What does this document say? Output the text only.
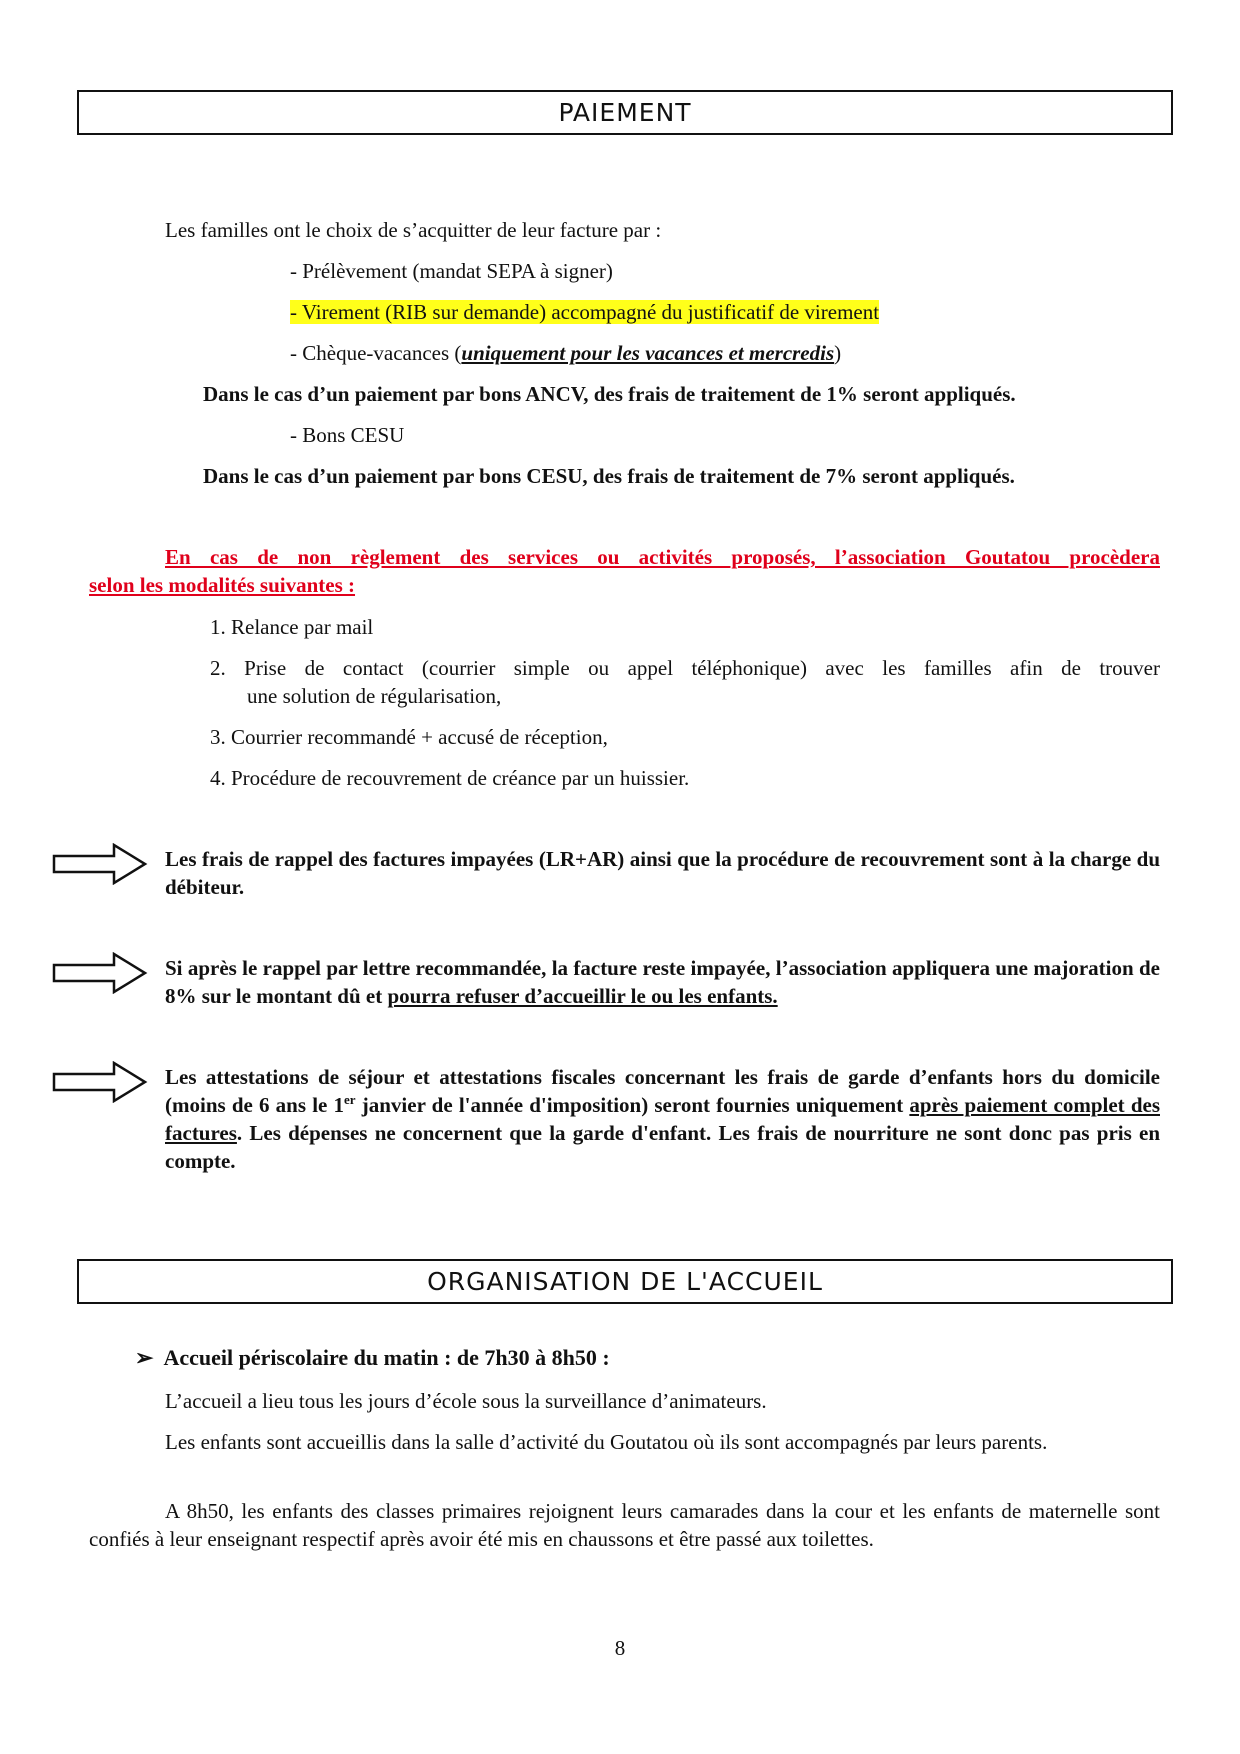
PAIEMENT
Les familles ont le choix de s’acquitter de leur facture par :
- Prélèvement (mandat SEPA à signer)
- Virement (RIB sur demande) accompagné du justificatif de virement
- Chèque-vacances (uniquement pour les vacances et mercredis)
Dans le cas d’un paiement par bons ANCV, des frais de traitement de 1% seront appliqués.
- Bons CESU
Dans le cas d’un paiement par bons CESU, des frais de traitement de 7% seront appliqués.
En cas de non règlement des services ou activités proposés, l’association Goutatou procèdera
selon les modalités suivantes :
1. Relance par mail
2. Prise de contact (courrier simple ou appel téléphonique) avec les familles afin de trouver
une solution de régularisation,
3. Courrier recommandé + accusé de réception,
4. Procédure de recouvrement de créance par un huissier.
Les frais de rappel des factures impayées (LR+AR) ainsi que la procédure de recouvrement sont à la charge du débiteur.
Si après le rappel par lettre recommandée, la facture reste impayée, l’association appliquera une majoration de 8% sur le montant dû et pourra refuser d’accueillir le ou les enfants.
Les attestations de séjour et attestations fiscales concernant les frais de garde d’enfants hors du domicile (moins de 6 ans le 1er janvier de l'année d'imposition) seront fournies uniquement après paiement complet des factures. Les dépenses ne concernent que la garde d'enfant. Les frais de nourriture ne sont donc pas pris en compte.
ORGANISATION DE L'ACCUEIL
➢ Accueil périscolaire du matin : de 7h30 à 8h50 :
L’accueil a lieu tous les jours d’école sous la surveillance d’animateurs.
Les enfants sont accueillis dans la salle d’activité du Goutatou où ils sont accompagnés par leurs parents.
A 8h50, les enfants des classes primaires rejoignent leurs camarades dans la cour et les enfants de maternelle sont confiés à leur enseignant respectif après avoir été mis en chaussons et être passé aux toilettes.
8
